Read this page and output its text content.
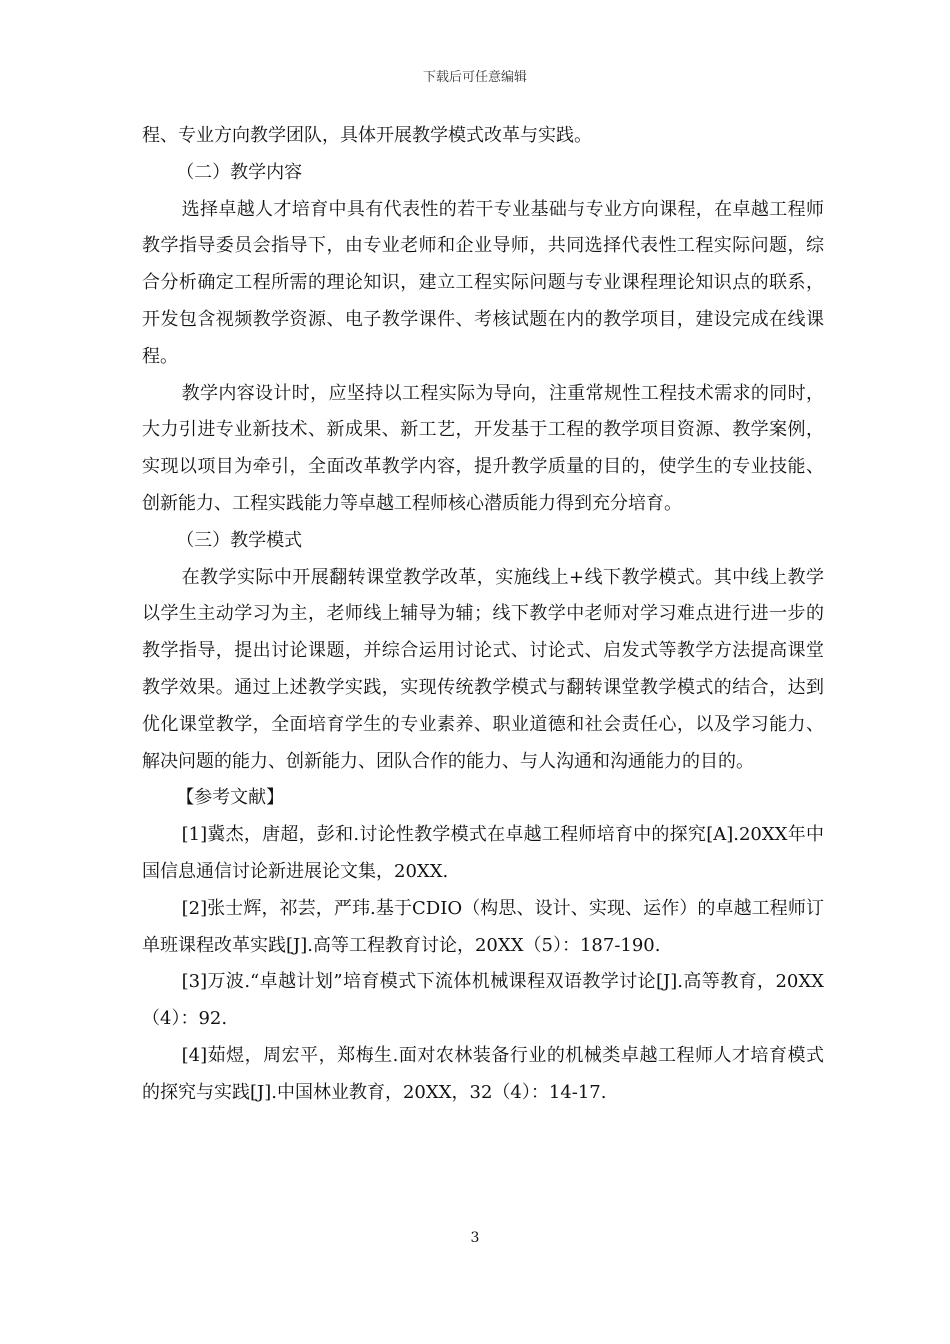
下载后可任意编辑

程、专业方向教学团队，具体开展教学模式改革与实践。

（二）教学内容

选择卓越人才培育中具有代表性的若干专业基础与专业方向课程，在卓越工程师教学指导委员会指导下，由专业老师和企业导师，共同选择代表性工程实际问题，综合分析确定工程所需的理论知识，建立工程实际问题与专业课程理论知识点的联系，开发包含视频教学资源、电子教学课件、考核试题在内的教学项目，建设完成在线课程。

教学内容设计时，应坚持以工程实际为导向，注重常规性工程技术需求的同时，大力引进专业新技术、新成果、新工艺，开发基于工程的教学项目资源、教学案例，实现以项目为牵引，全面改革教学内容，提升教学质量的目的，使学生的专业技能、创新能力、工程实践能力等卓越工程师核心潜质能力得到充分培育。

（三）教学模式

在教学实际中开展翻转课堂教学改革，实施线上+线下教学模式。其中线上教学以学生主动学习为主，老师线上辅导为辅；线下教学中老师对学习难点进行进一步的教学指导，提出讨论课题，并综合运用讨论式、讨论式、启发式等教学方法提高课堂教学效果。通过上述教学实践，实现传统教学模式与翻转课堂教学模式的结合，达到优化课堂教学，全面培育学生的专业素养、职业道德和社会责任心，以及学习能力、解决问题的能力、创新能力、团队合作的能力、与人沟通和沟通能力的目的。

【参考文献】

[1]冀杰，唐超，彭和.讨论性教学模式在卓越工程师培育中的探究[A].20XX年中国信息通信讨论新进展论文集，20XX.

[2]张士辉，祁芸，严玮.基于CDIO（构思、设计、实现、运作）的卓越工程师订单班课程改革实践[J].高等工程教育讨论，20XX（5）：187-190.

[3]万波.“卓越计划”培育模式下流体机械课程双语教学讨论[J].高等教育，20XX（4）：92.

[4]茹煜，周宏平，郑梅生.面对农林装备行业的机械类卓越工程师人才培育模式的探究与实践[J].中国林业教育，20XX，32（4）：14-17.

3
